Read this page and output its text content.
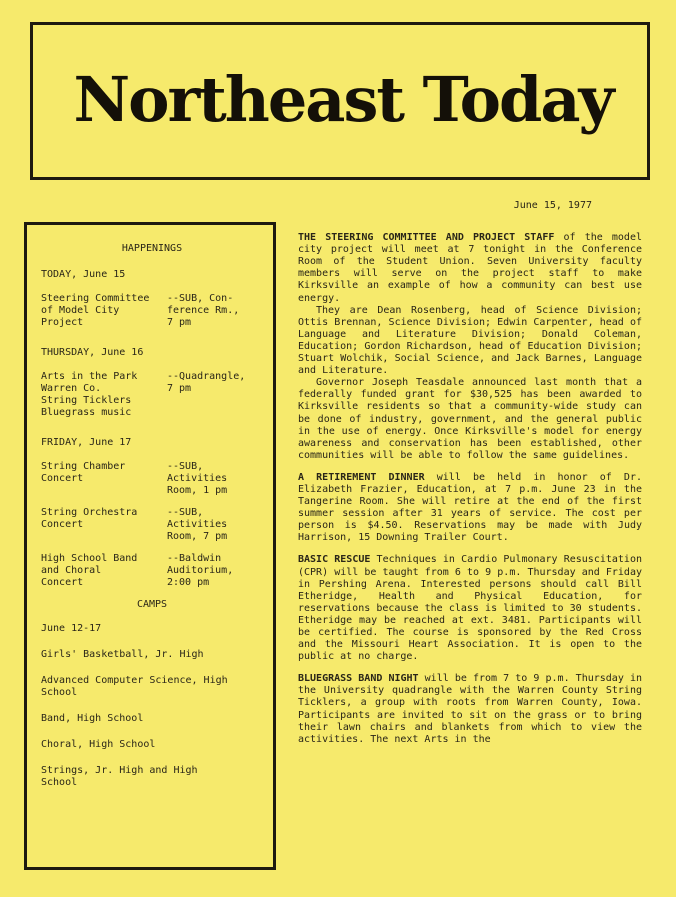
Northeast Today
HAPPENINGS
TODAY, June 15
Steering Committee
of Model City
Project
--SUB, Con-
ference Rm.,
7 pm
THURSDAY, June 16
Arts in the Park
Warren Co.
String Ticklers
Bluegrass music
--Quadrangle,
7 pm
FRIDAY, June 17
String Chamber
Concert
--SUB,
Activities
Room, 1 pm
String Orchestra
Concert
--SUB,
Activities
Room, 7 pm
High School Band
and Choral
Concert
--Baldwin
Auditorium,
2:00 pm
CAMPS
June 12-17
Girls' Basketball, Jr. High
Advanced Computer Science, High
School
Band, High School
Choral, High School
Strings, Jr. High and High
School
June 15, 1977
THE STEERING COMMITTEE AND PROJECT STAFF of the model city project will meet at 7 tonight in the Conference Room of the Student Union. Seven University faculty members will serve on the project staff to make Kirksville an example of how a community can best use energy.
They are Dean Rosenberg, head of Science Division; Ottis Brennan, Science Division; Edwin Carpenter, head of Language and Literature Division; Donald Coleman, Education; Gordon Richardson, head of Education Division; Stuart Wolchik, Social Science, and Jack Barnes, Language and Literature.
Governor Joseph Teasdale announced last month that a federally funded grant for $30,525 has been awarded to Kirksville residents so that a community-wide study can be done of industry, government, and the general public in the use of energy. Once Kirksville's model for energy awareness and conservation has been established, other communities will be able to follow the same guidelines.
A RETIREMENT DINNER will be held in honor of Dr. Elizabeth Frazier, Education, at 7 p.m. June 23 in the Tangerine Room. She will retire at the end of the first summer session after 31 years of service. The cost per person is $4.50. Reservations may be made with Judy Harrison, 15 Downing Trailer Court.
BASIC RESCUE Techniques in Cardio Pulmonary Resuscitation (CPR) will be taught from 6 to 9 p.m. Thursday and Friday in Pershing Arena. Interested persons should call Bill Etheridge, Health and Physical Education, for reservations because the class is limited to 30 students. Etheridge may be reached at ext. 3481. Participants will be certified. The course is sponsored by the Red Cross and the Missouri Heart Association. It is open to the public at no charge.
BLUEGRASS BAND NIGHT will be from 7 to 9 p.m. Thursday in the University quadrangle with the Warren County String Ticklers, a group with roots from Warren County, Iowa. Participants are invited to sit on the grass or to bring their lawn chairs and blankets from which to view the activities. The next Arts in the
